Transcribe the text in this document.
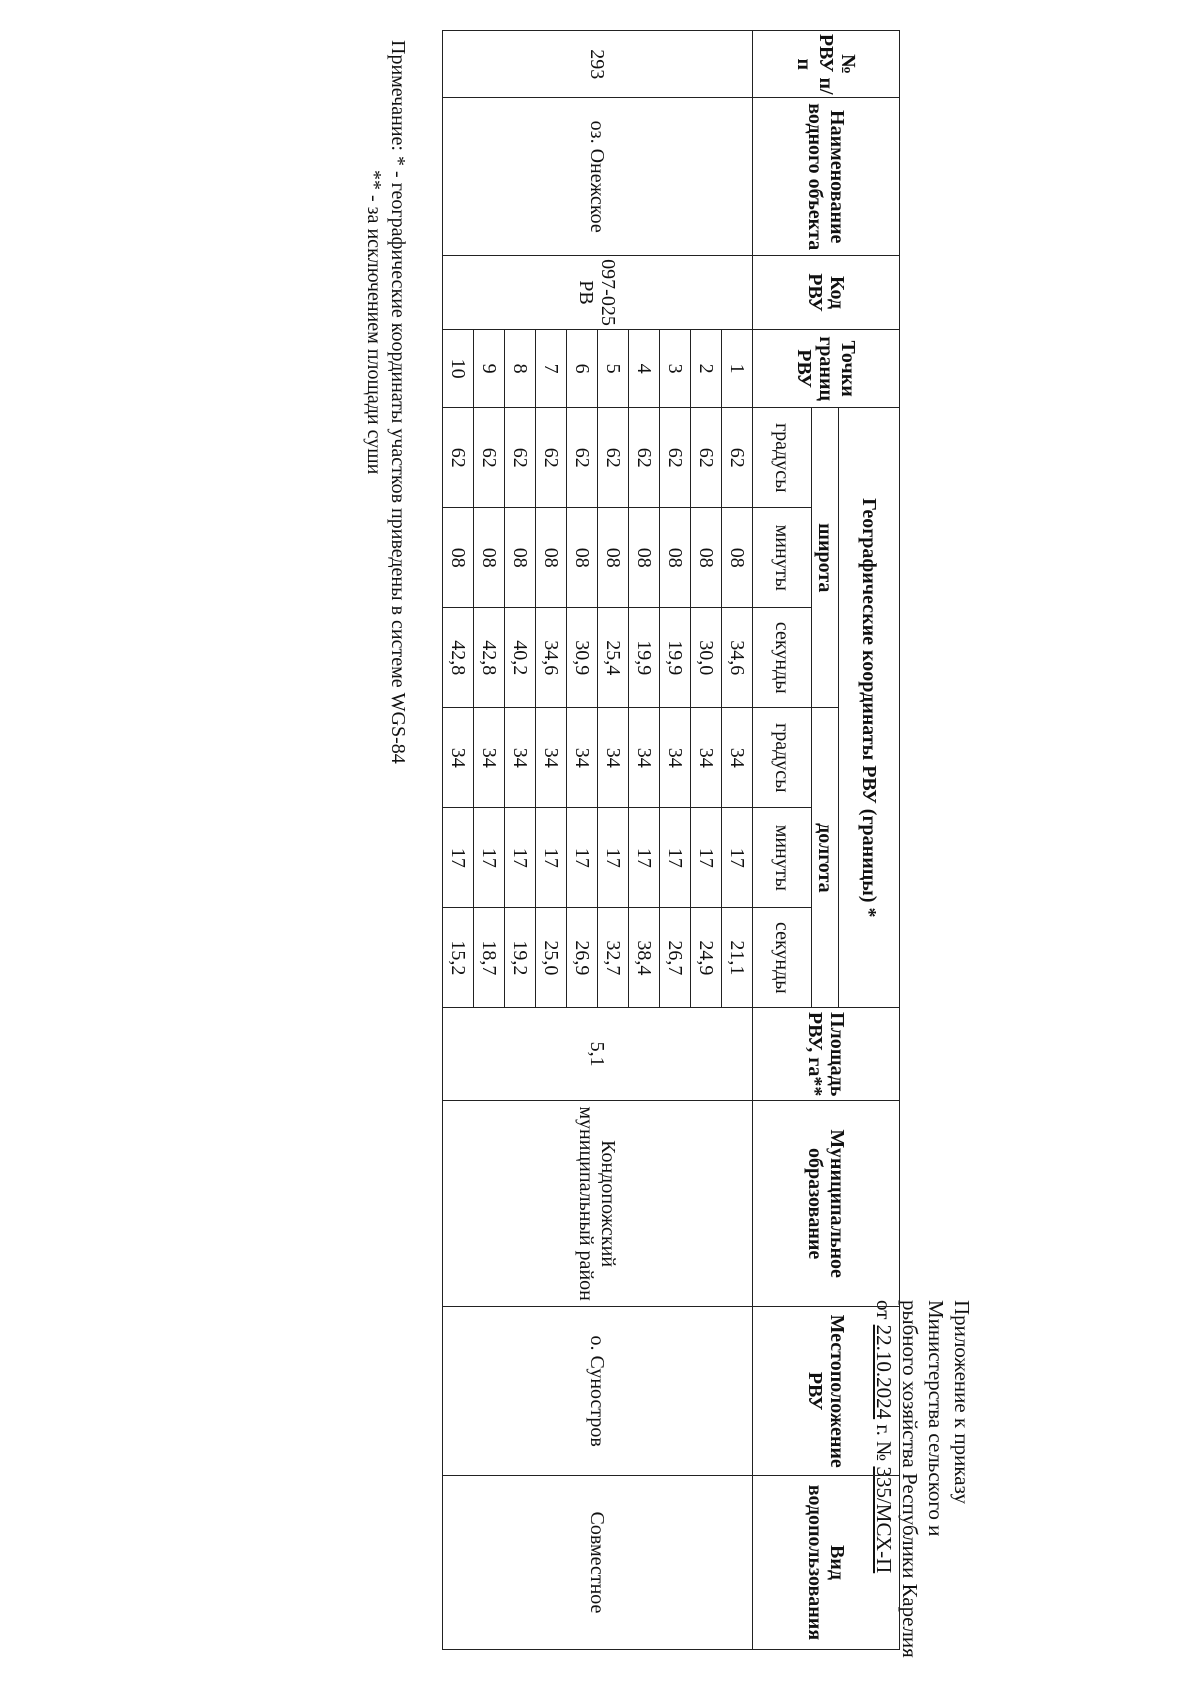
Приложение к приказу
Министерства сельского и
рыбного хозяйства Республики Карелия
от 22.10.2024 г. № 335/МСХ-П
№ РВУ п/п	Наименование водного объекта	Код РВУ	Точки границ РВУ	Географические координаты РВУ (границы) *						Площадь РВУ, га**	Муниципальное образование	Местоположение РВУ	Вид водопользования
				широта			долгота						
				градусы	минуты	секунды	градусы	минуты	секунды				
293	оз. Онежское	097-025 РВ	1	62	08	34,6	34	17	21,1	5,1	Кондопожский муниципальный район	о. Суностров	Совместное
			2	62	08	30,0	34	17	24,9				
			3	62	08	19,9	34	17	26,7				
			4	62	08	19,9	34	17	38,4				
			5	62	08	25,4	34	17	32,7				
			6	62	08	30,9	34	17	26,9				
			7	62	08	34,6	34	17	25,0				
			8	62	08	40,2	34	17	19,2				
			9	62	08	42,8	34	17	18,7				
			10	62	08	42,8	34	17	15,2				
Примечание: * - географические координаты участков приведены в системе WGS-84
** - за исключением площади суши
